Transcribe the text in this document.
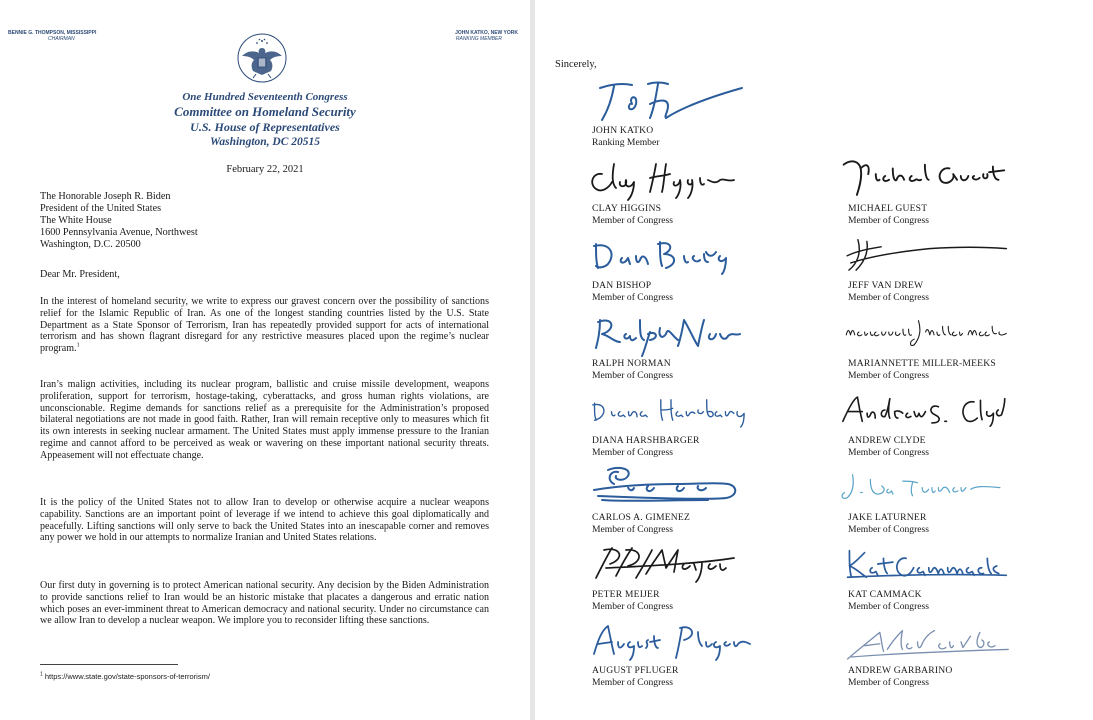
BENNIE G. THOMPSON, MISSISSIPPI
CHAIRMAN
JOHN KATKO, NEW YORK
RANKING MEMBER
One Hundred Seventeenth Congress
Committee on Homeland Security
U.S. House of Representatives
Washington, DC 20515
February 22, 2021
The Honorable Joseph R. Biden
President of the United States
The White House
1600 Pennsylvania Avenue, Northwest
Washington, D.C. 20500
Dear Mr. President,

In the interest of homeland security, we write to express our gravest concern over the possibility of sanctions relief for the Islamic Republic of Iran. As one of the longest standing countries listed by the U.S. State Department as a State Sponsor of Terrorism, Iran has repeatedly provided support for acts of international terrorism and has shown flagrant disregard for any restrictive measures placed upon the regime’s nuclear program.$^1$

Iran’s malign activities, including its nuclear program, ballistic and cruise missile development, weapons proliferation, support for terrorism, hostage-taking, cyberattacks, and gross human rights violations, are unconscionable. Regime demands for sanctions relief as a prerequisite for the Administration’s proposed bilateral negotiations are not made in good faith. Rather, Iran will remain receptive only to measures which fit its own interests in seeking nuclear armament. The United States must apply immense pressure to the Iranian regime and cannot afford to be perceived as weak or wavering on these important national security threats. Appeasement will not effectuate change.

It is the policy of the United States not to allow Iran to develop or otherwise acquire a nuclear weapons capability. Sanctions are an important point of leverage if we intend to achieve this goal diplomatically and peacefully. Lifting sanctions will only serve to back the United States into an inescapable corner and removes any power we hold in our attempts to normalize Iranian and United States relations.

Our first duty in governing is to protect American national security. Any decision by the Biden Administration to provide sanctions relief to Iran would be an historic mistake that placates a dangerous and erratic nation which poses an ever-imminent threat to American democracy and national security. Under no circumstance can we allow Iran to develop a nuclear weapon. We implore you to reconsider lifting these sanctions.

$^1$ https://www.state.gov/state-sponsors-of-terrorism/
Sincerely,
JOHN KATKO
Ranking Member
CLAY HIGGINS
Member of Congress
MICHAEL GUEST
Member of Congress
DAN BISHOP
Member of Congress
JEFF VAN DREW
Member of Congress
RALPH NORMAN
Member of Congress
MARIANNETTE MILLER-MEEKS
Member of Congress
DIANA HARSHBARGER
Member of Congress
ANDREW CLYDE
Member of Congress
CARLOS A. GIMENEZ
Member of Congress
JAKE LATURNER
Member of Congress
PETER MEIJER
Member of Congress
KAT CAMMACK
Member of Congress
AUGUST PFLUGER
Member of Congress
ANDREW GARBARINO
Member of Congress
